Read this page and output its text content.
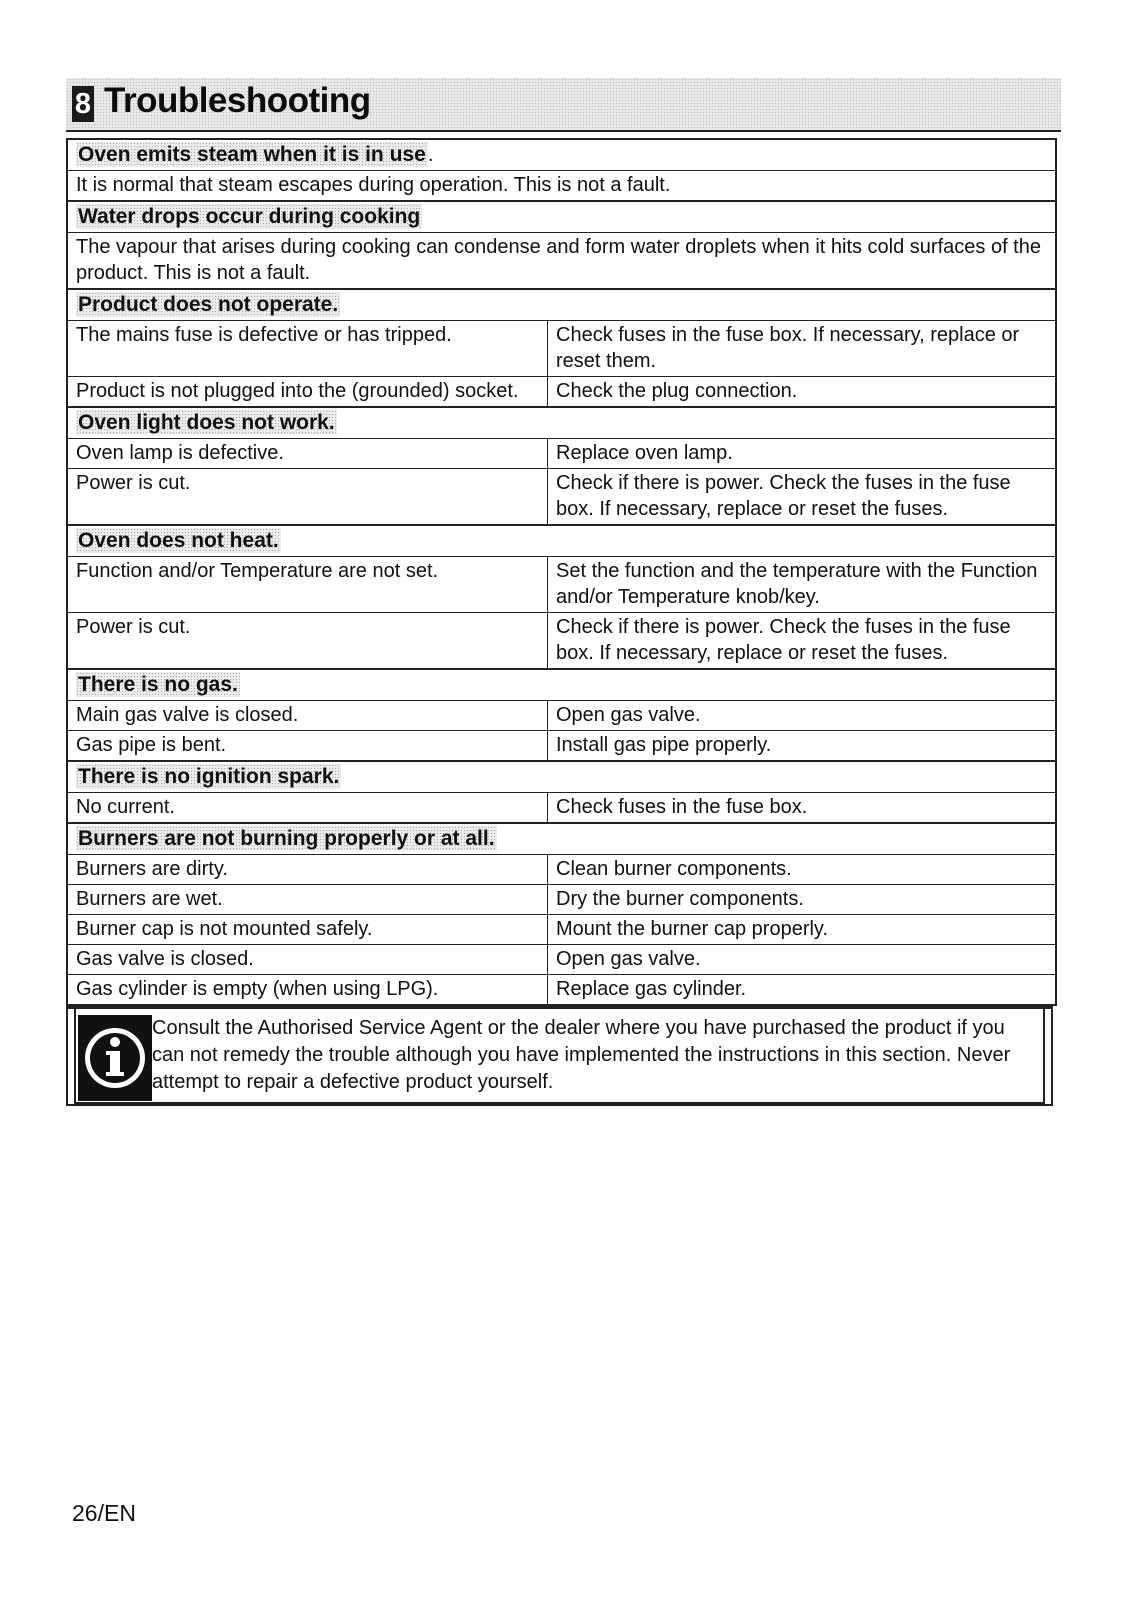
8 Troubleshooting
Oven emits steam when it is in use.
It is normal that steam escapes during operation. This is not a fault.
Water drops occur during cooking
The vapour that arises during cooking can condense and form water droplets when it hits cold surfaces of the product. This is not a fault.
Product does not operate.
The mains fuse is defective or has tripped.	Check fuses in the fuse box. If necessary, replace or reset them.
Product is not plugged into the (grounded) socket.	Check the plug connection.
Oven light does not work.
Oven lamp is defective.	Replace oven lamp.
Power is cut.	Check if there is power. Check the fuses in the fuse box. If necessary, replace or reset the fuses.
Oven does not heat.
Function and/or Temperature are not set.	Set the function and the temperature with the Function and/or Temperature knob/key.
Power is cut.	Check if there is power. Check the fuses in the fuse box. If necessary, replace or reset the fuses.
There is no gas.
Main gas valve is closed.	Open gas valve.
Gas pipe is bent.	Install gas pipe properly.
There is no ignition spark.
No current.	Check fuses in the fuse box.
Burners are not burning properly or at all.
Burners are dirty.	Clean burner components.
Burners are wet.	Dry the burner components.
Burner cap is not mounted safely.	Mount the burner cap properly.
Gas valve is closed.	Open gas valve.
Gas cylinder is empty (when using LPG).	Replace gas cylinder.
Consult the Authorised Service Agent or the dealer where you have purchased the product if you can not remedy the trouble although you have implemented the instructions in this section. Never attempt to repair a defective product yourself.
26/EN
